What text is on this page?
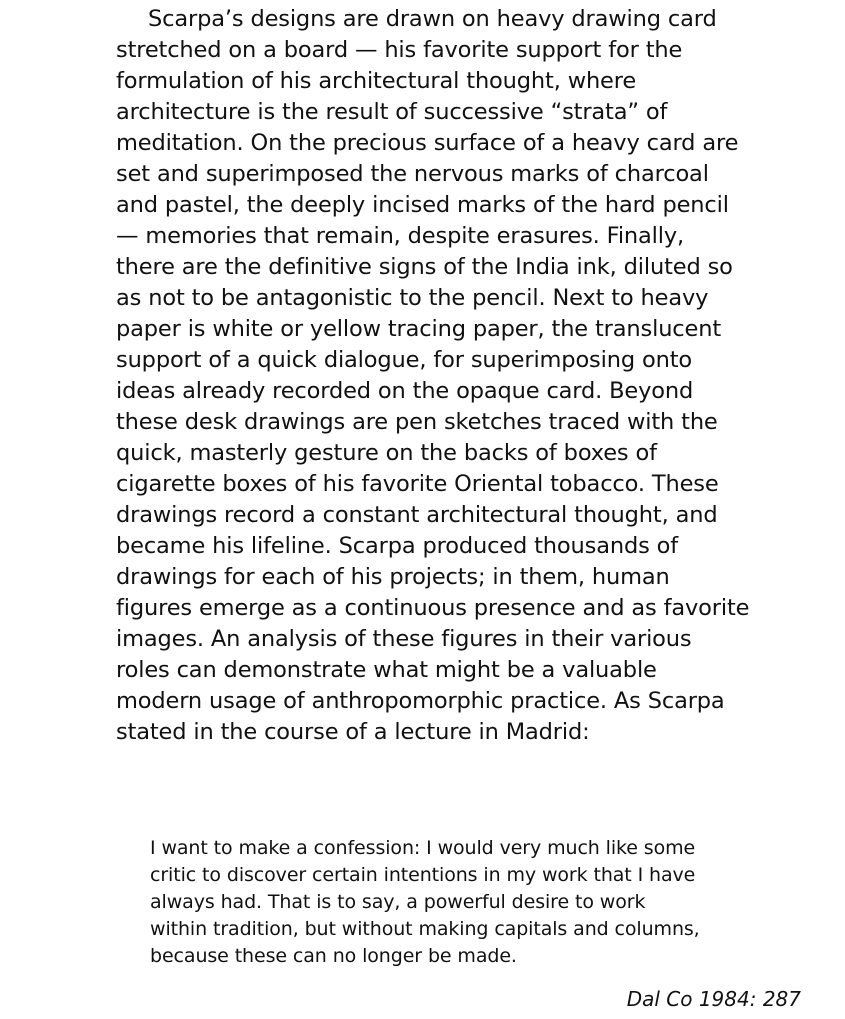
Scarpa’s designs are drawn on heavy drawing card
stretched on a board — his favorite support for the
formulation of his architectural thought, where
architecture is the result of successive “strata” of
meditation. On the precious surface of a heavy card are
set and superimposed the nervous marks of charcoal
and pastel, the deeply incised marks of the hard pencil
— memories that remain, despite erasures. Finally,
there are the definitive signs of the India ink, diluted so
as not to be antagonistic to the pencil. Next to heavy
paper is white or yellow tracing paper, the translucent
support of a quick dialogue, for superimposing onto
ideas already recorded on the opaque card. Beyond
these desk drawings are pen sketches traced with the
quick, masterly gesture on the backs of boxes of
cigarette boxes of his favorite Oriental tobacco. These
drawings record a constant architectural thought, and
became his lifeline. Scarpa produced thousands of
drawings for each of his projects; in them, human
figures emerge as a continuous presence and as favorite
images. An analysis of these figures in their various
roles can demonstrate what might be a valuable
modern usage of anthropomorphic practice. As Scarpa
stated in the course of a lecture in Madrid:
I want to make a confession: I would very much like some
critic to discover certain intentions in my work that I have
always had. That is to say, a powerful desire to work
within tradition, but without making capitals and columns,
because these can no longer be made.
Dal Co 1984: 287
